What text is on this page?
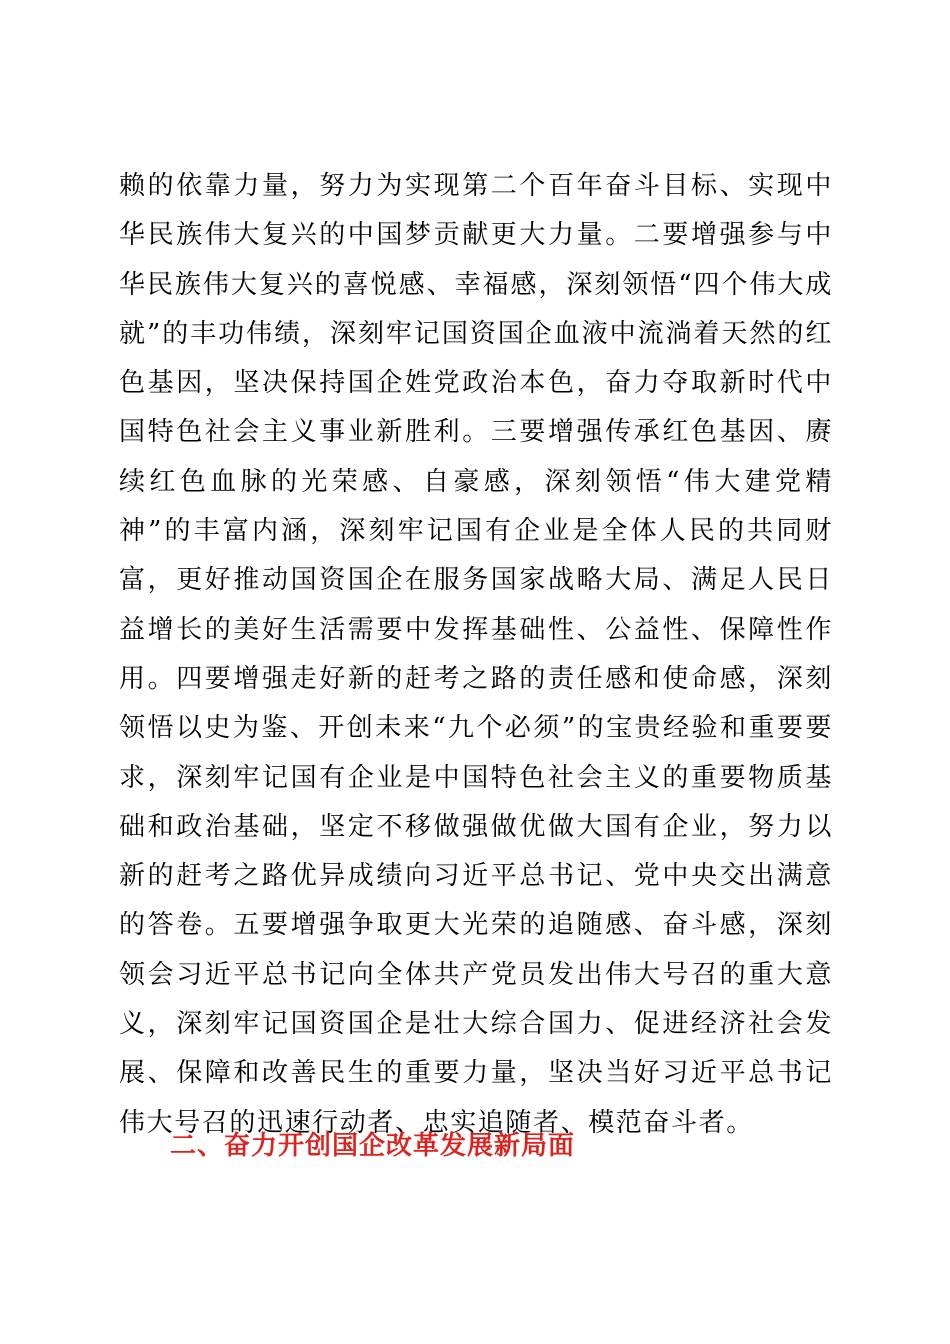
赖的依靠力量，努力为实现第二个百年奋斗目标、实现中华民族伟大复兴的中国梦贡献更大力量。二要增强参与中华民族伟大复兴的喜悦感、幸福感，深刻领悟“四个伟大成就”的丰功伟绩，深刻牢记国资国企血液中流淌着天然的红色基因，坚决保持国企姓党政治本色，奋力夺取新时代中国特色社会主义事业新胜利。三要增强传承红色基因、赓续红色血脉的光荣感、自豪感，深刻领悟“伟大建党精神”的丰富内涵，深刻牢记国有企业是全体人民的共同财富，更好推动国资国企在服务国家战略大局、满足人民日益增长的美好生活需要中发挥基础性、公益性、保障性作用。四要增强走好新的赶考之路的责任感和使命感，深刻领悟以史为鉴、开创未来“九个必须”的宝贵经验和重要要求，深刻牢记国有企业是中国特色社会主义的重要物质基础和政治基础，坚定不移做强做优做大国有企业，努力以新的赶考之路优异成绩向习近平总书记、党中央交出满意的答卷。五要增强争取更大光荣的追随感、奋斗感，深刻领会习近平总书记向全体共产党员发出伟大号召的重大意义，深刻牢记国资国企是壮大综合国力、促进经济社会发展、保障和改善民生的重要力量，坚决当好习近平总书记伟大号召的迅速行动者、忠实追随者、模范奋斗者。

二、奋力开创国企改革发展新局面
